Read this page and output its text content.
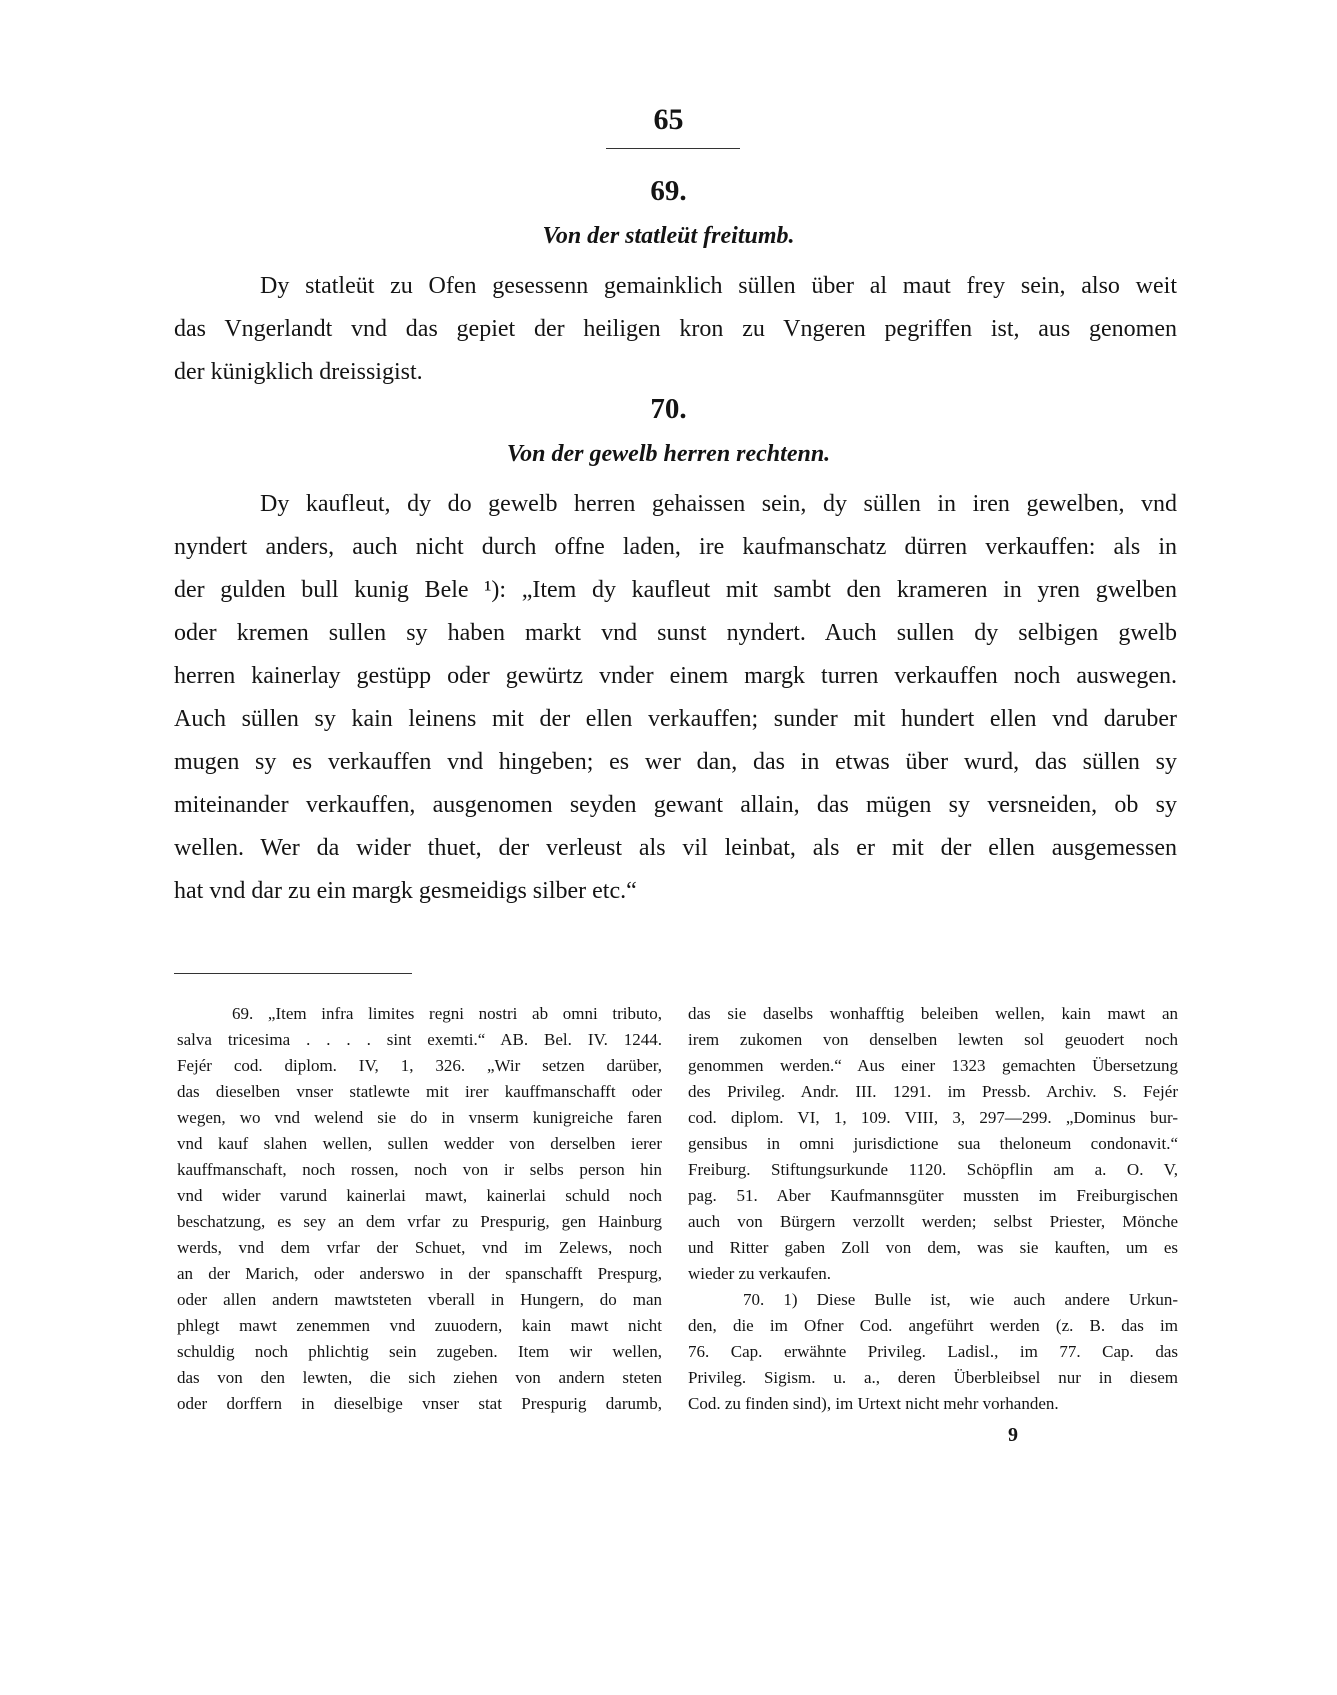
65
69.
Von der statleüt freitumb.
Dy statleüt zu Ofen gesessenn gemainklich süllen über al maut frey sein, also weit
das Vngerlandt vnd das gepiet der heiligen kron zu Vngeren pegriffen ist, aus genomen
der künigklich dreissigist.
70.
Von der gewelb herren rechtenn.
Dy kaufleut, dy do gewelb herren gehaissen sein, dy süllen in iren gewelben, vnd
nyndert anders, auch nicht durch offne laden, ire kaufmanschatz dürren verkauffen: als in
der gulden bull kunig Bele ¹): „Item dy kaufleut mit sambt den krameren in yren gwelben
oder kremen sullen sy haben markt vnd sunst nyndert. Auch sullen dy selbigen gwelb
herren kainerlay gestüpp oder gewürtz vnder einem margk turren verkauffen noch auswegen.
Auch süllen sy kain leinens mit der ellen verkauffen; sunder mit hundert ellen vnd daruber
mugen sy es verkauffen vnd hingeben; es wer dan, das in etwas über wurd, das süllen sy
miteinander verkauffen, ausgenomen seyden gewant allain, das mügen sy versneiden, ob sy
wellen. Wer da wider thuet, der verleust als vil leinbat, als er mit der ellen ausgemessen
hat vnd dar zu ein margk gesmeidigs silber etc.“
69. „Item infra limites regni nostri ab omni tributo,
salva tricesima . . . . sint exemti.“ AB. Bel. IV. 1244.
Fejér cod. diplom. IV, 1, 326. „Wir setzen darüber,
das dieselben vnser statlewte mit irer kauffmanschafft oder
wegen, wo vnd welend sie do in vnserm kunigreiche faren
vnd kauf slahen wellen, sullen wedder von derselben ierer
kauffmanschaft, noch rossen, noch von ir selbs person hin
vnd wider varund kainerlai mawt, kainerlai schuld noch
beschatzung, es sey an dem vrfar zu Prespurig, gen Hainburg
werds, vnd dem vrfar der Schuet, vnd im Zelews, noch
an der Marich, oder anderswo in der spanschafft Prespurg,
oder allen andern mawtsteten vberall in Hungern, do man
phlegt mawt zenemmen vnd zuuodern, kain mawt nicht
schuldig noch phlichtig sein zugeben. Item wir wellen,
das von den lewten, die sich ziehen von andern steten
oder dorffern in dieselbige vnser stat Prespurig darumb,
das sie daselbs wonhafftig beleiben wellen, kain mawt an
irem zukomen von denselben lewten sol geuodert noch
genommen werden.“ Aus einer 1323 gemachten Übersetzung
des Privileg. Andr. III. 1291. im Pressb. Archiv. S. Fejér
cod. diplom. VI, 1, 109. VIII, 3, 297—299. „Dominus bur-
gensibus in omni jurisdictione sua theloneum condonavit.“
Freiburg. Stiftungsurkunde 1120. Schöpflin am a. O. V,
pag. 51. Aber Kaufmannsgüter mussten im Freiburgischen
auch von Bürgern verzollt werden; selbst Priester, Mönche
und Ritter gaben Zoll von dem, was sie kauften, um es
wieder zu verkaufen.
70. 1) Diese Bulle ist, wie auch andere Urkun-
den, die im Ofner Cod. angeführt werden (z. B. das im
76. Cap. erwähnte Privileg. Ladisl., im 77. Cap. das
Privileg. Sigism. u. a., deren Überbleibsel nur in diesem
Cod. zu finden sind), im Urtext nicht mehr vorhanden.
9
